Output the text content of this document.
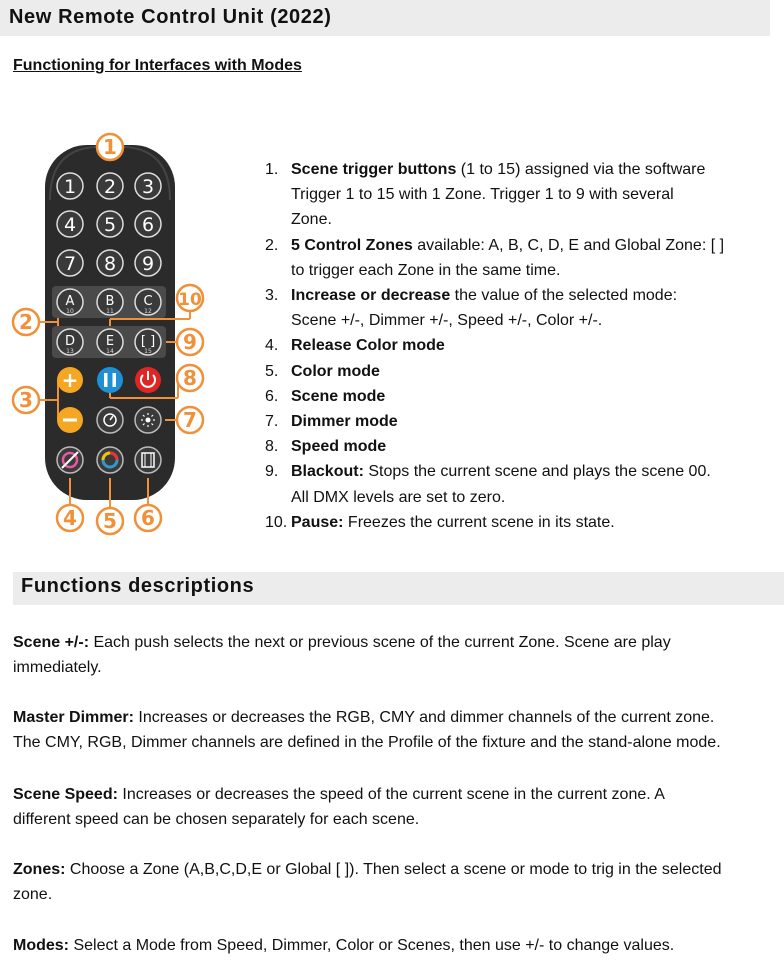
New Remote Control Unit (2022)
Functioning for Interfaces with Modes
1 2 3
4 5 6
7 8 9
A
10
B
11
C
12
D
13
E
14
[ ]
15
1
2
3
4 5 6
7
8
9
10
+
1. Scene trigger buttons (1 to 15) assigned via the software
Trigger 1 to 15 with 1 Zone. Trigger 1 to 9 with several
Zone.
2. 5 Control Zones available: A, B, C, D, E and Global Zone: [ ]
to trigger each Zone in the same time.
3. Increase or decrease the value of the selected mode:
Scene +/-, Dimmer +/-, Speed +/-, Color +/-.
4. Release Color mode
5. Color mode
6. Scene mode
7. Dimmer mode
8. Speed mode
9. Blackout: Stops the current scene and plays the scene 00.
All DMX levels are set to zero.
10. Pause: Freezes the current scene in its state.
Functions descriptions
Scene +/-: Each push selects the next or previous scene of the current Zone. Scene are play
immediately.
Master Dimmer: Increases or decreases the RGB, CMY and dimmer channels of the current zone.
The CMY, RGB, Dimmer channels are defined in the Profile of the fixture and the stand-alone mode.
Scene Speed: Increases or decreases the speed of the current scene in the current zone. A
different speed can be chosen separately for each scene.
Zones: Choose a Zone (A,B,C,D,E or Global [ ]). Then select a scene or mode to trig in the selected
zone.
Modes: Select a Mode from Speed, Dimmer, Color or Scenes, then use +/- to change values.
